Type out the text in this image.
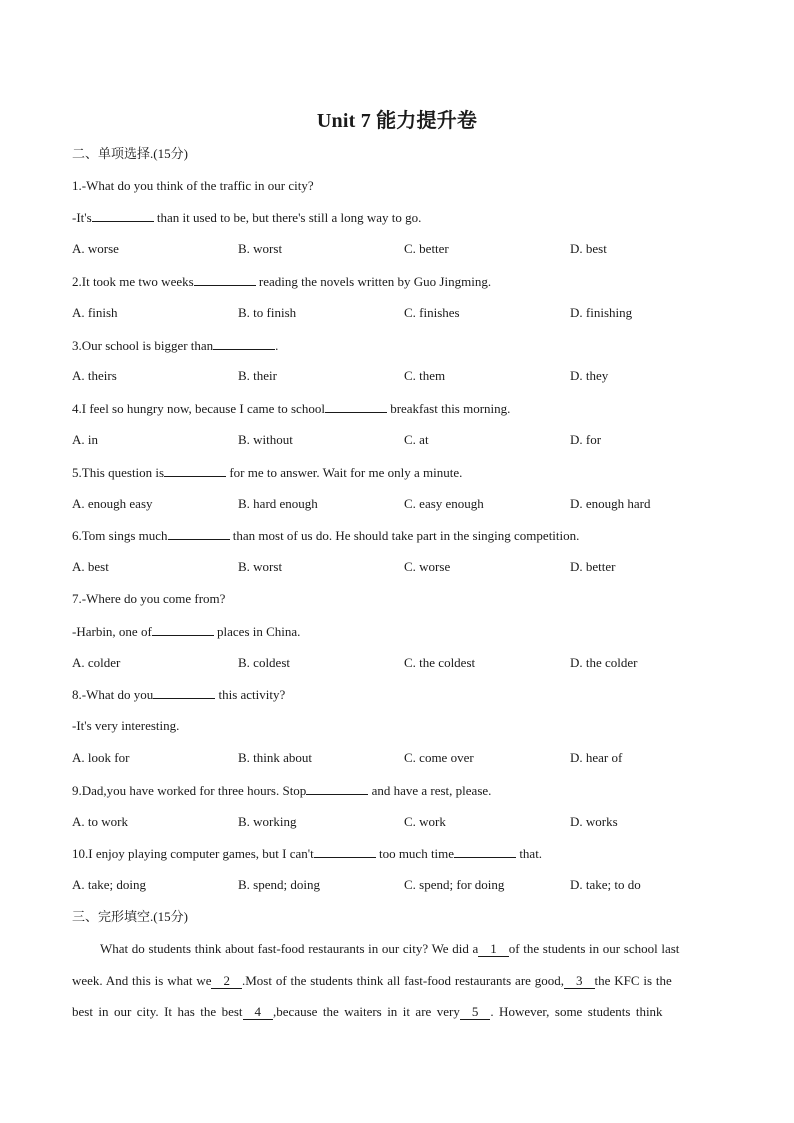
Unit 7 能力提升卷
二、单项选择.(15分)
1.-What do you think of the traffic in our city?
-It's	than it used to be, but there's still a long way to go.
A. worse	B. worst	C. better	D. best
2.It took me two weeks	reading the novels written by Guo Jingming.
A. finish	B. to finish	C. finishes	D. finishing
3.Our school is bigger than	.
A. theirs	B. their	C. them	D. they
4.I feel so hungry now, because I came to school	breakfast this morning.
A. in	B. without	C. at	D. for
5.This question is	for me to answer. Wait for me only a minute.
A. enough easy	B. hard enough	C. easy enough	D. enough hard
6.Tom sings much	than most of us do. He should take part in the singing competition.
A. best	B. worst	C. worse	D. better
7.-Where do you come from?
-Harbin, one of	places in China.
A. colder	B. coldest	C. the coldest	D. the colder
8.-What do you	this activity?
-It's very interesting.
A. look for	B. think about	C. come over	D. hear of
9.Dad,you have worked for three hours. Stop	and have a rest, please.
A. to work	B. working	C. work	D. works
10.I enjoy playing computer games, but I can't	too much time	that.
A. take; doing	B. spend; doing	C. spend; for doing	D. take; to do
三、完形填空.(15分)
What do students think about fast-food restaurants in our city? We did a 1 of the students in our school last
week. And this is what we 2 .Most of the students think all fast-food restaurants are good, 3 the KFC is the
best in our city. It has the best 4 ,because the waiters in it are very 5 . However, some students think
